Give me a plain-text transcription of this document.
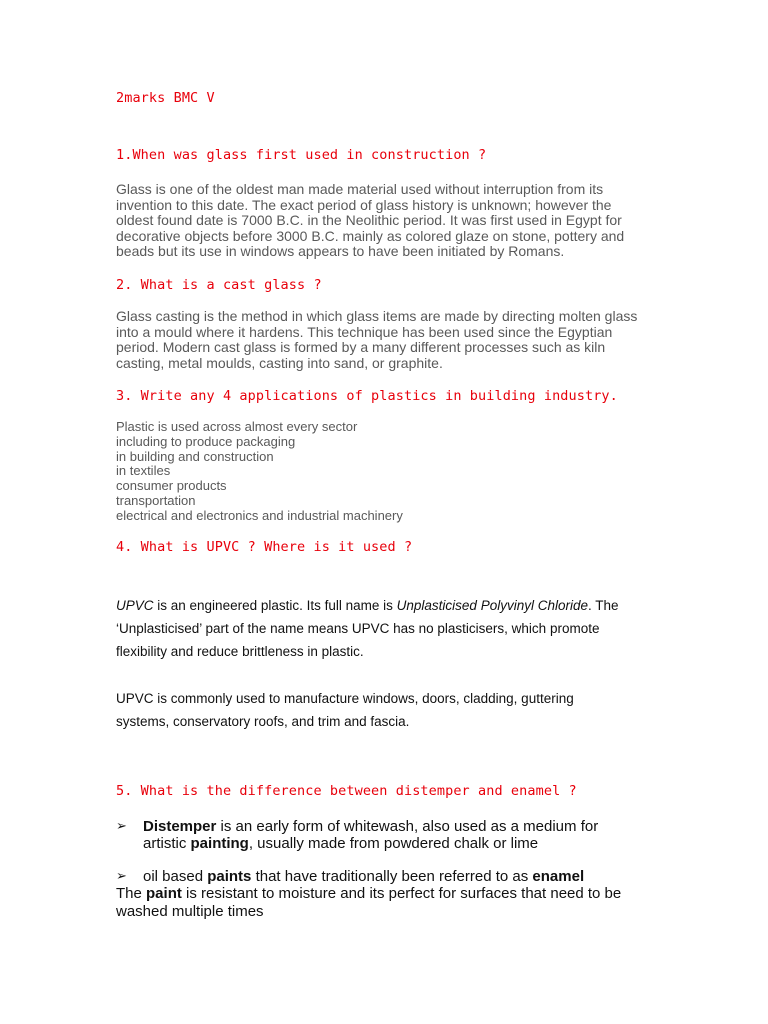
2marks BMC V
1.When was glass first used in construction ?
Glass is one of the oldest man made material used without interruption from its
invention to this date. The exact period of glass history is unknown; however the
oldest found date is 7000 B.C. in the Neolithic period. It was first used in Egypt for
decorative objects before 3000 B.C. mainly as colored glaze on stone, pottery and
beads but its use in windows appears to have been initiated by Romans.
2. What is a cast glass ?
Glass casting is the method in which glass items are made by directing molten glass
into a mould where it hardens. This technique has been used since the Egyptian
period. Modern cast glass is formed by a many different processes such as kiln
casting, metal moulds, casting into sand, or graphite.
3. Write any 4 applications of plastics in building industry.
Plastic is used across almost every sector
including to produce packaging
in building and construction
in textiles
consumer products
transportation
electrical and electronics and industrial machinery
4. What is UPVC ? Where is it used ?
UPVC is an engineered plastic. Its full name is Unplasticised Polyvinyl Chloride. The
‘Unplasticised’ part of the name means UPVC has no plasticisers, which promote
flexibility and reduce brittleness in plastic.
UPVC is commonly used to manufacture windows, doors, cladding, guttering
systems, conservatory roofs, and trim and fascia.
5. What is the difference between distemper and enamel ?
➢ Distemper is an early form of whitewash, also used as a medium for
artistic painting, usually made from powdered chalk or lime
➢ oil based paints that have traditionally been referred to as enamel
The paint is resistant to moisture and its perfect for surfaces that need to be
washed multiple times
